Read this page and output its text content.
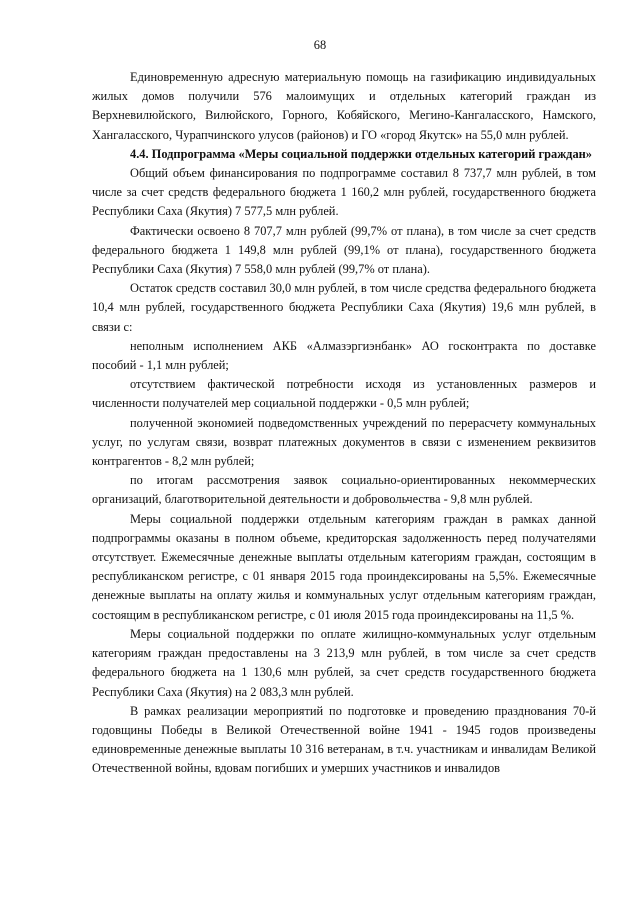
68

Единовременную адресную материальную помощь на газификацию индивидуальных жилых домов получили 576 малоимущих и отдельных категорий граждан из Верхневилюйского, Вилюйского, Горного, Кобяйского, Мегино-Кангаласского, Намского, Хангаласского, Чурапчинского улусов (районов) и ГО «город Якутск» на 55,0 млн рублей.

4.4. Подпрограмма «Меры социальной поддержки отдельных категорий граждан»

Общий объем финансирования по подпрограмме составил 8 737,7 млн рублей, в том числе за счет средств федерального бюджета 1 160,2 млн рублей, государственного бюджета Республики Саха (Якутия) 7 577,5 млн рублей.

Фактически освоено 8 707,7 млн рублей (99,7% от плана), в том числе за счет средств федерального бюджета 1 149,8 млн рублей (99,1% от плана), государственного бюджета Республики Саха (Якутия) 7 558,0 млн рублей (99,7% от плана).

Остаток средств составил 30,0 млн рублей, в том числе средства федерального бюджета 10,4 млн рублей, государственного бюджета Республики Саха (Якутия) 19,6 млн рублей, в связи с:

неполным исполнением АКБ «Алмазэргиэнбанк» АО госконтракта по доставке пособий - 1,1 млн рублей;

отсутствием фактической потребности исходя из установленных размеров и численности получателей мер социальной поддержки - 0,5 млн рублей;

полученной экономией подведомственных учреждений по перерасчету коммунальных услуг, по услугам связи, возврат платежных документов в связи с изменением реквизитов контрагентов - 8,2 млн рублей;

по итогам рассмотрения заявок социально-ориентированных некоммерческих организаций, благотворительной деятельности и добровольчества - 9,8 млн рублей.

Меры социальной поддержки отдельным категориям граждан в рамках данной подпрограммы оказаны в полном объеме, кредиторская задолженность перед получателями отсутствует. Ежемесячные денежные выплаты отдельным категориям граждан, состоящим в республиканском регистре, с 01 января 2015 года проиндексированы на 5,5%. Ежемесячные денежные выплаты на оплату жилья и коммунальных услуг отдельным категориям граждан, состоящим в республиканском регистре, с 01 июля 2015 года проиндексированы на 11,5 %.

Меры социальной поддержки по оплате жилищно-коммунальных услуг отдельным категориям граждан предоставлены на 3 213,9 млн рублей, в том числе за счет средств федерального бюджета на 1 130,6 млн рублей, за счет средств государственного бюджета Республики Саха (Якутия) на 2 083,3 млн рублей.

В рамках реализации мероприятий по подготовке и проведению празднования 70-й годовщины Победы в Великой Отечественной войне 1941 - 1945 годов произведены единовременные денежные выплаты 10 316 ветеранам, в т.ч. участникам и инвалидам Великой Отечественной войны, вдовам погибших и умерших участников и инвалидов
